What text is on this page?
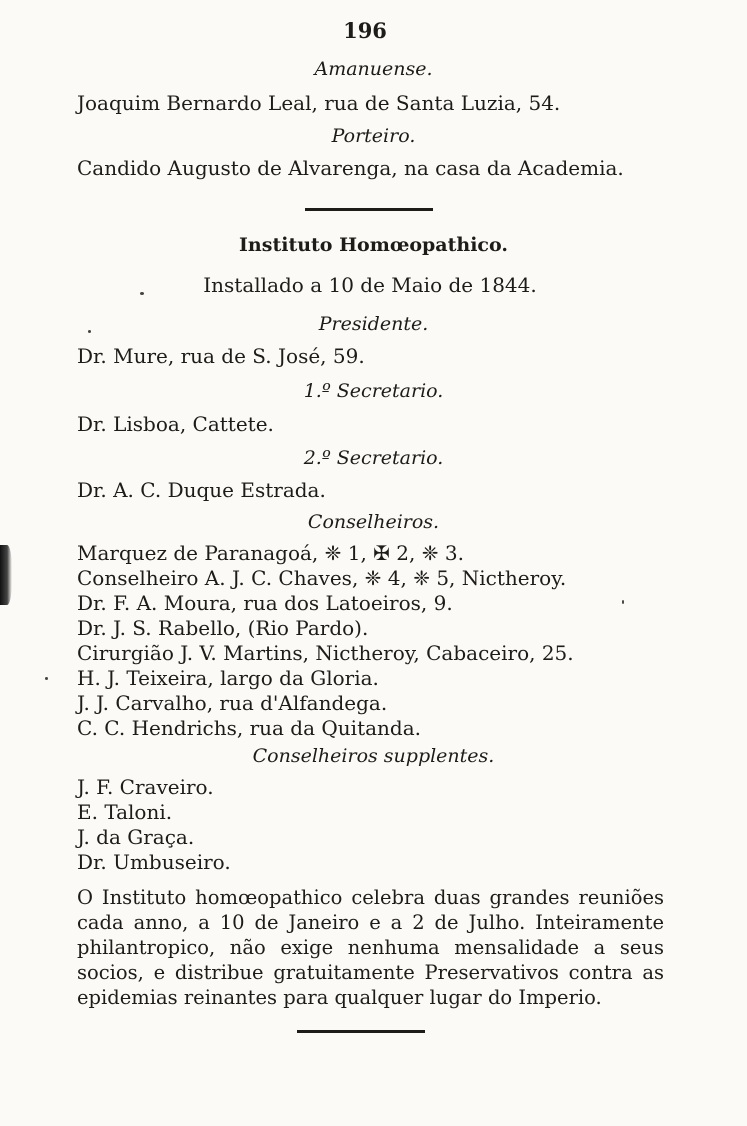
196
Amanuense.
Joaquim Bernardo Leal, rua de Santa Luzia, 54.
Porteiro.
Candido Augusto de Alvarenga, na casa da Academia.
Instituto Homœopathico.
Installado a 10 de Maio de 1844.
Presidente.
Dr. Mure, rua de S. José, 59.
1.º Secretario.
Dr. Lisboa, Cattete.
2.º Secretario.
Dr. A. C. Duque Estrada.
Conselheiros.
Marquez de Paranagoá, ❈ 1, ✠ 2, ❈ 3.
Conselheiro A. J. C. Chaves, ❈ 4, ❈ 5, Nictheroy.
Dr. F. A. Moura, rua dos Latoeiros, 9.
Dr. J. S. Rabello, (Rio Pardo).
Cirurgião J. V. Martins, Nictheroy, Cabaceiro, 25.
H. J. Teixeira, largo da Gloria.
J. J. Carvalho, rua d'Alfandega.
C. C. Hendrichs, rua da Quitanda.
Conselheiros supplentes.
J. F. Craveiro.
E. Taloni.
J. da Graça.
Dr. Umbuseiro.
O Instituto homœopathico celebra duas grandes reuniões
cada anno, a 10 de Janeiro e a 2 de Julho. Inteiramente
philantropico, não exige nenhuma mensalidade a seus
socios, e distribue gratuitamente Preservativos contra as
epidemias reinantes para qualquer lugar do Imperio.
